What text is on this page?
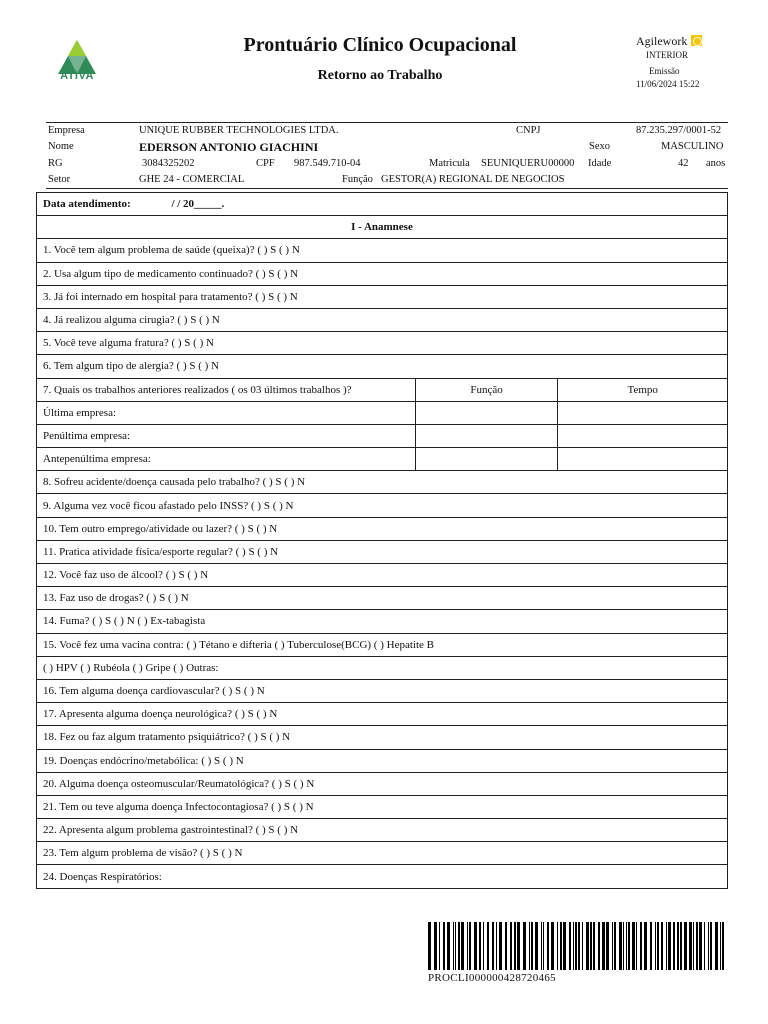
ATIVA
Prontuário Clínico Ocupacional
Retorno ao Trabalho
Agilework
INTERIOR
Emissão
11/06/2024 15:22
Empresa	UNIQUE RUBBER TECHNOLOGIES LTDA.	CNPJ	87.235.297/0001-52
Nome	EDERSON ANTONIO GIACHINI	Sexo	MASCULINO
RG	3084325202	CPF 987.549.710-04	Matricula SEUNIQUERU00000 Idade	42 anos
Setor	GHE 24 - COMERCIAL	Função GESTOR(A) REGIONAL DE NEGOCIOS
Data atendimento: / / 20_____.		
I - Anamnese		
1. Você tem algum problema de saúde (queixa)? ( ) S ( ) N		
2. Usa algum tipo de medicamento continuado? ( ) S ( ) N		
3. Já foi internado em hospital para tratamento? ( ) S ( ) N		
4. Já realizou alguma cirugia? ( ) S ( ) N		
5. Você teve alguma fratura? ( ) S ( ) N		
6. Tem algum tipo de alergia? ( ) S ( ) N		
7. Quais os trabalhos anteriores realizados ( os 03 últimos trabalhos )?	Função	Tempo
Última empresa:		
Penúltima empresa:		
Antepenúltima empresa:		
8. Sofreu acidente/doença causada pelo trabalho? ( ) S ( ) N		
9. Alguma vez você ficou afastado pelo INSS? ( ) S ( ) N		
10. Tem outro emprego/atividade ou lazer? ( ) S ( ) N		
11. Pratica atividade física/esporte regular? ( ) S ( ) N		
12. Você faz uso de álcool? ( ) S ( ) N		
13. Faz uso de drogas? ( ) S ( ) N		
14. Fuma? ( ) S ( ) N ( ) Ex-tabagista		
15. Você fez uma vacina contra: ( ) Tétano e difteria ( ) Tuberculose(BCG) ( ) Hepatite B		
( ) HPV ( ) Rubéola ( ) Gripe ( ) Outras:		
16. Tem alguma doença cardiovascular? ( ) S ( ) N		
17. Apresenta alguma doença neurológica? ( ) S ( ) N		
18. Fez ou faz algum tratamento psiquiátrico? ( ) S ( ) N		
19. Doenças endócrino/metabólica: ( ) S ( ) N		
20. Alguma doença osteomuscular/Reumatológica? ( ) S ( ) N		
21. Tem ou teve alguma doença Infectocontagiosa? ( ) S ( ) N		
22. Apresenta algum problema gastrointestinal? ( ) S ( ) N		
23. Tem algum problema de visão? ( ) S ( ) N		
24. Doenças Respiratórios:		
PROCLI000000428720465
